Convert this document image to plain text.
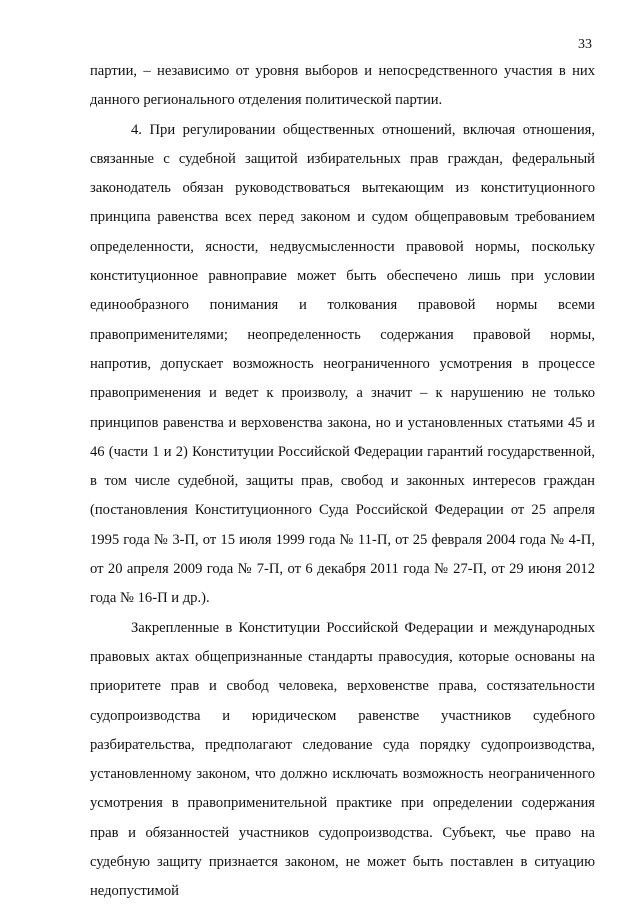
33

партии, – независимо от уровня выборов и непосредственного участия в них данного регионального отделения политической партии.

4. При регулировании общественных отношений, включая отношения, связанные с судебной защитой избирательных прав граждан, федеральный законодатель обязан руководствоваться вытекающим из конституционного принципа равенства всех перед законом и судом общеправовым требованием определенности, ясности, недвусмысленности правовой нормы, поскольку конституционное равноправие может быть обеспечено лишь при условии единообразного понимания и толкования правовой нормы всеми правоприменителями; неопределенность содержания правовой нормы, напротив, допускает возможность неограниченного усмотрения в процессе правоприменения и ведет к произволу, а значит – к нарушению не только принципов равенства и верховенства закона, но и установленных статьями 45 и 46 (части 1 и 2) Конституции Российской Федерации гарантий государственной, в том числе судебной, защиты прав, свобод и законных интересов граждан (постановления Конституционного Суда Российской Федерации от 25 апреля 1995 года № 3-П, от 15 июля 1999 года № 11-П, от 25 февраля 2004 года № 4-П, от 20 апреля 2009 года № 7-П, от 6 декабря 2011 года № 27-П, от 29 июня 2012 года № 16-П и др.).

Закрепленные в Конституции Российской Федерации и международных правовых актах общепризнанные стандарты правосудия, которые основаны на приоритете прав и свобод человека, верховенстве права, состязательности судопроизводства и юридическом равенстве участников судебного разбирательства, предполагают следование суда порядку судопроизводства, установленному законом, что должно исключать возможность неограниченного усмотрения в правоприменительной практике при определении содержания прав и обязанностей участников судопроизводства. Субъект, чье право на судебную защиту признается законом, не может быть поставлен в ситуацию недопустимой
